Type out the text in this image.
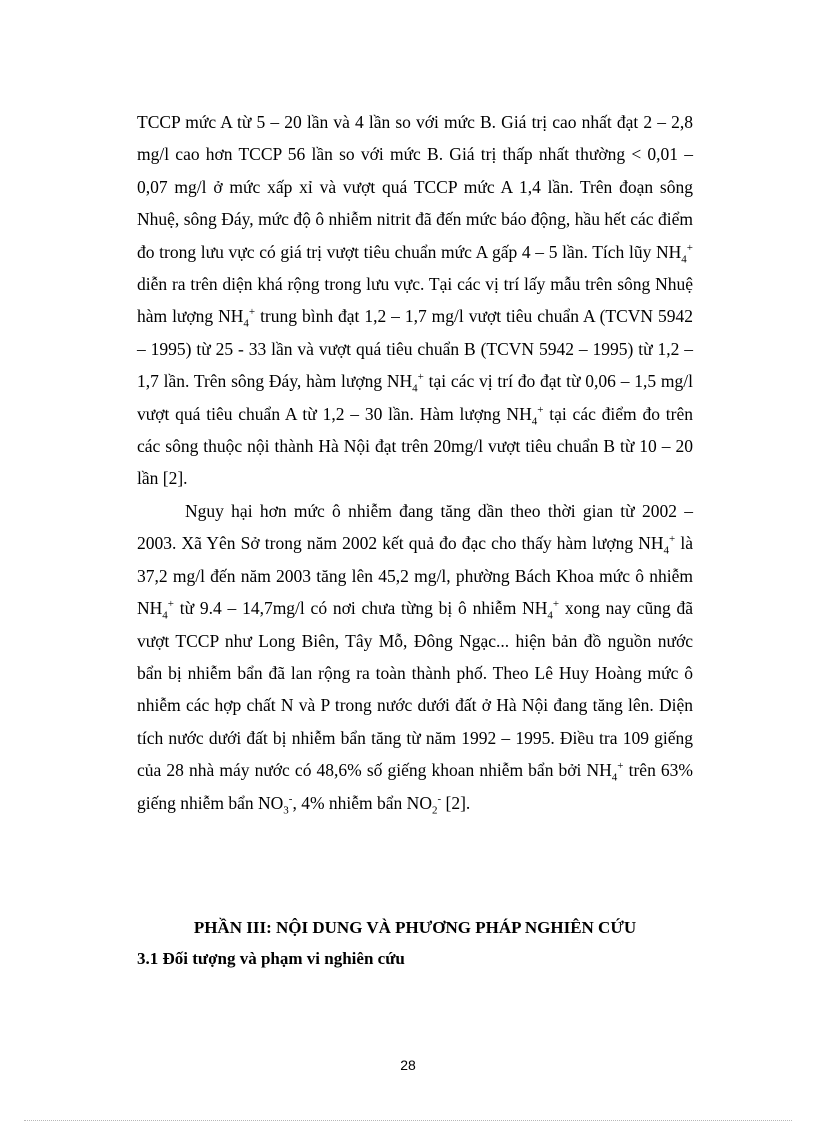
TCCP mức A từ 5 – 20 lần và 4 lần so với mức B. Giá trị cao nhất đạt 2 – 2,8 mg/l cao hơn TCCP 56 lần so với mức B. Giá trị thấp nhất thường < 0,01 – 0,07 mg/l ở mức xấp xỉ và vượt quá TCCP mức A 1,4 lần. Trên đoạn sông Nhuệ, sông Đáy, mức độ ô nhiễm nitrit đã đến mức báo động, hầu hết các điểm đo trong lưu vực có giá trị vượt tiêu chuẩn mức A gấp 4 – 5 lần. Tích lũy $NH_4^+$ diễn ra trên diện khá rộng trong lưu vực. Tại các vị trí lấy mẫu trên sông Nhuệ hàm lượng $NH_4^+$ trung bình đạt 1,2 – 1,7 mg/l vượt tiêu chuẩn A (TCVN 5942 – 1995) từ 25 - 33 lần và vượt quá tiêu chuẩn B (TCVN 5942 – 1995) từ 1,2 – 1,7 lần. Trên sông Đáy, hàm lượng $NH_4^+$ tại các vị trí đo đạt từ 0,06 – 1,5 mg/l vượt quá tiêu chuẩn A từ 1,2 – 30 lần. Hàm lượng $NH_4^+$ tại các điểm đo trên các sông thuộc nội thành Hà Nội đạt trên 20mg/l vượt tiêu chuẩn B từ 10 – 20 lần [2].
Nguy hại hơn mức ô nhiễm đang tăng dần theo thời gian từ 2002 – 2003. Xã Yên Sở trong năm 2002 kết quả đo đạc cho thấy hàm lượng $NH_4^+$ là 37,2 mg/l đến năm 2003 tăng lên 45,2 mg/l, phường Bách Khoa mức ô nhiễm $NH_4^+$ từ 9.4 – 14,7mg/l có nơi chưa từng bị ô nhiễm $NH_4^+$ xong nay cũng đã vượt TCCP như Long Biên, Tây Mỗ, Đông Ngạc... hiện bản đồ nguồn nước bẩn bị nhiễm bẩn đã lan rộng ra toàn thành phố. Theo Lê Huy Hoàng mức ô nhiễm các hợp chất N và P trong nước dưới đất ở Hà Nội đang tăng lên. Diện tích nước dưới đất bị nhiễm bẩn tăng từ năm 1992 – 1995. Điều tra 109 giếng của 28 nhà máy nước có 48,6% số giếng khoan nhiễm bẩn bởi $NH_4^+$ trên 63% giếng nhiễm bẩn $NO_3^-$, 4% nhiễm bẩn $NO_2^-$ [2].
PHẦN III: NỘI DUNG VÀ PHƯƠNG PHÁP NGHIÊN CỨU
3.1 Đối tượng và phạm vi nghiên cứu
28
